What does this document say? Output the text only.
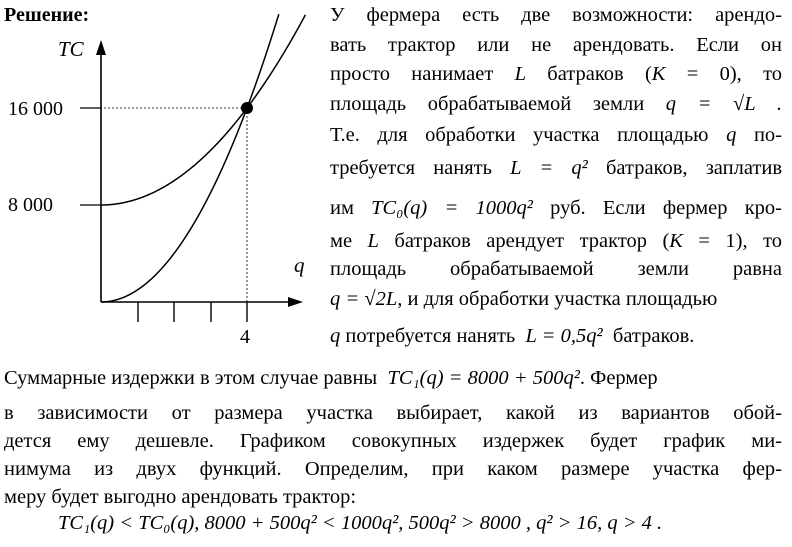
Решение:
TC
q
16 000
8 000
4
У фермера есть две возможности: арендо-
вать трактор или не арендовать. Если он
просто нанимает L батраков (K = 0), то
площадь обрабатываемой земли q = √L .
Т.е. для обработки участка площадью q по-
требуется нанять L = q² батраков, заплатив
им TC₀(q) = 1000q² руб. Если фермер кро-
ме L батраков арендует трактор (K = 1), то
площадь обрабатываемой земли равна
q = √2L, и для обработки участка площадью
q потребуется нанять L = 0,5q² батраков.
Суммарные издержки в этом случае равны TC₁(q) = 8000 + 500q². Фермер
в зависимости от размера участка выбирает, какой из вариантов обой-
дется ему дешевле. Графиком совокупных издержек будет график ми-
нимума из двух функций. Определим, при каком размере участка фер-
меру будет выгодно арендовать трактор:
TC₁(q) < TC₀(q), 8000 + 500q² < 1000q², 500q² > 8000 , q² > 16, q > 4 .
